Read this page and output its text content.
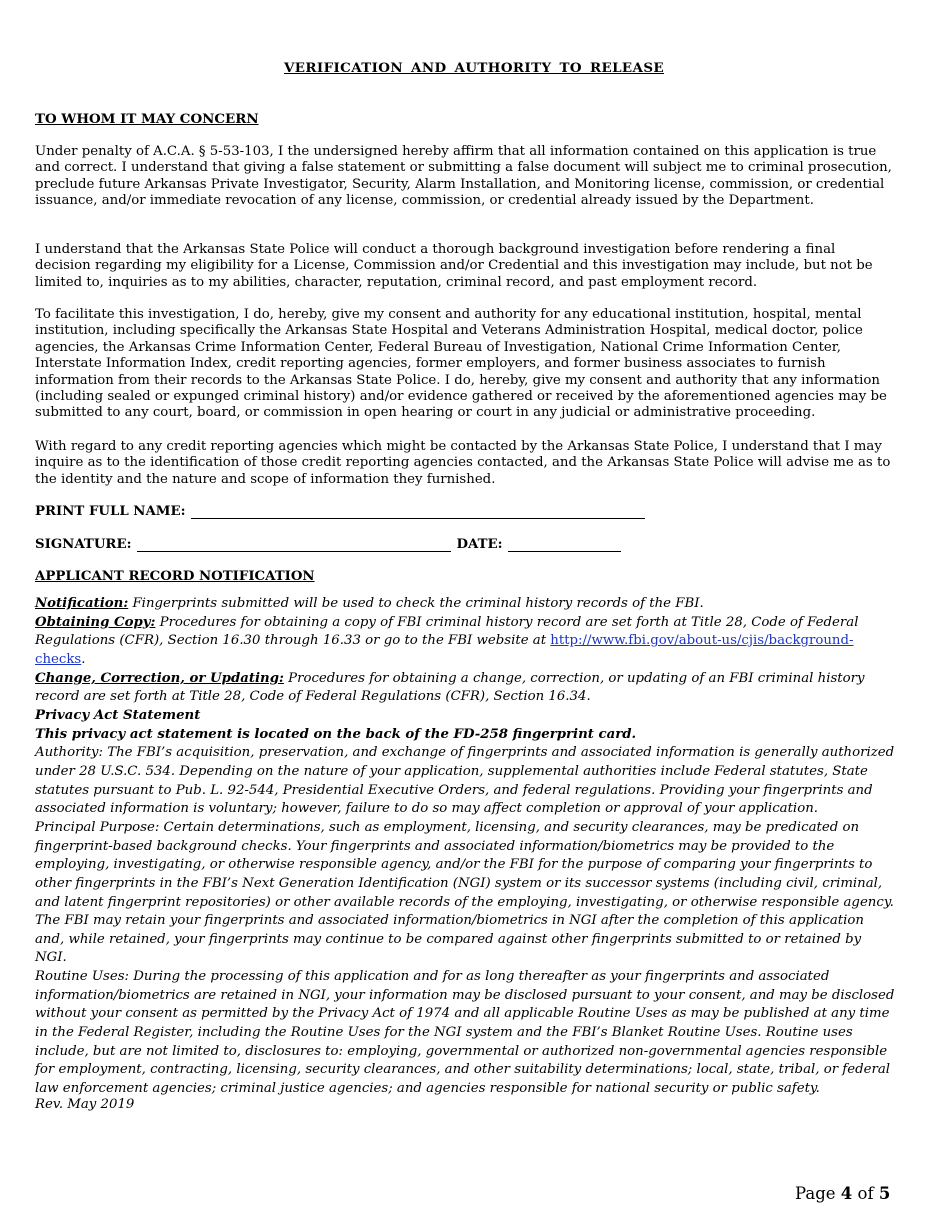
VERIFICATION AND AUTHORITY TO RELEASE
TO WHOM IT MAY CONCERN

Under penalty of A.C.A. § 5-53-103, I the undersigned hereby affirm that all information contained on this application is true and correct. I understand that giving a false statement or submitting a false document will subject me to criminal prosecution, preclude future Arkansas Private Investigator, Security, Alarm Installation, and Monitoring license, commission, or credential issuance, and/or immediate revocation of any license, commission, or credential already issued by the Department.

I understand that the Arkansas State Police will conduct a thorough background investigation before rendering a final decision regarding my eligibility for a License, Commission and/or Credential and this investigation may include, but not be limited to, inquiries as to my abilities, character, reputation, criminal record, and past employment record.

To facilitate this investigation, I do, hereby, give my consent and authority for any educational institution, hospital, mental institution, including specifically the Arkansas State Hospital and Veterans Administration Hospital, medical doctor, police agencies, the Arkansas Crime Information Center, Federal Bureau of Investigation, National Crime Information Center, Interstate Information Index, credit reporting agencies, former employers, and former business associates to furnish information from their records to the Arkansas State Police. I do, hereby, give my consent and authority that any information (including sealed or expunged criminal history) and/or evidence gathered or received by the aforementioned agencies may be submitted to any court, board, or commission in open hearing or court in any judicial or administrative proceeding.

With regard to any credit reporting agencies which might be contacted by the Arkansas State Police, I understand that I may inquire as to the identification of those credit reporting agencies contacted, and the Arkansas State Police will advise me as to the identity and the nature and scope of information they furnished.

PRINT FULL NAME:
SIGNATURE:	DATE:
APPLICANT RECORD NOTIFICATION

Notification: Fingerprints submitted will be used to check the criminal history records of the FBI.

Obtaining Copy: Procedures for obtaining a copy of FBI criminal history record are set forth at Title 28, Code of Federal Regulations (CFR), Section 16.30 through 16.33 or go to the FBI website at http://www.fbi.gov/about-us/cjis/background-checks.

Change, Correction, or Updating: Procedures for obtaining a change, correction, or updating of an FBI criminal history record are set forth at Title 28, Code of Federal Regulations (CFR), Section 16.34.

Privacy Act Statement

This privacy act statement is located on the back of the FD-258 fingerprint card.

Authority: The FBI’s acquisition, preservation, and exchange of fingerprints and associated information is generally authorized under 28 U.S.C. 534. Depending on the nature of your application, supplemental authorities include Federal statutes, State statutes pursuant to Pub. L. 92-544, Presidential Executive Orders, and federal regulations. Providing your fingerprints and associated information is voluntary; however, failure to do so may affect completion or approval of your application.

Principal Purpose: Certain determinations, such as employment, licensing, and security clearances, may be predicated on fingerprint-based background checks. Your fingerprints and associated information/biometrics may be provided to the employing, investigating, or otherwise responsible agency, and/or the FBI for the purpose of comparing your fingerprints to other fingerprints in the FBI’s Next Generation Identification (NGI) system or its successor systems (including civil, criminal, and latent fingerprint repositories) or other available records of the employing, investigating, or otherwise responsible agency. The FBI may retain your fingerprints and associated information/biometrics in NGI after the completion of this application and, while retained, your fingerprints may continue to be compared against other fingerprints submitted to or retained by NGI.

Routine Uses: During the processing of this application and for as long thereafter as your fingerprints and associated information/biometrics are retained in NGI, your information may be disclosed pursuant to your consent, and may be disclosed without your consent as permitted by the Privacy Act of 1974 and all applicable Routine Uses as may be published at any time in the Federal Register, including the Routine Uses for the NGI system and the FBI’s Blanket Routine Uses. Routine uses include, but are not limited to, disclosures to: employing, governmental or authorized non-governmental agencies responsible for employment, contracting, licensing, security clearances, and other suitability determinations; local, state, tribal, or federal law enforcement agencies; criminal justice agencies; and agencies responsible for national security or public safety.

Rev. May 2019
Page 4 of 5
